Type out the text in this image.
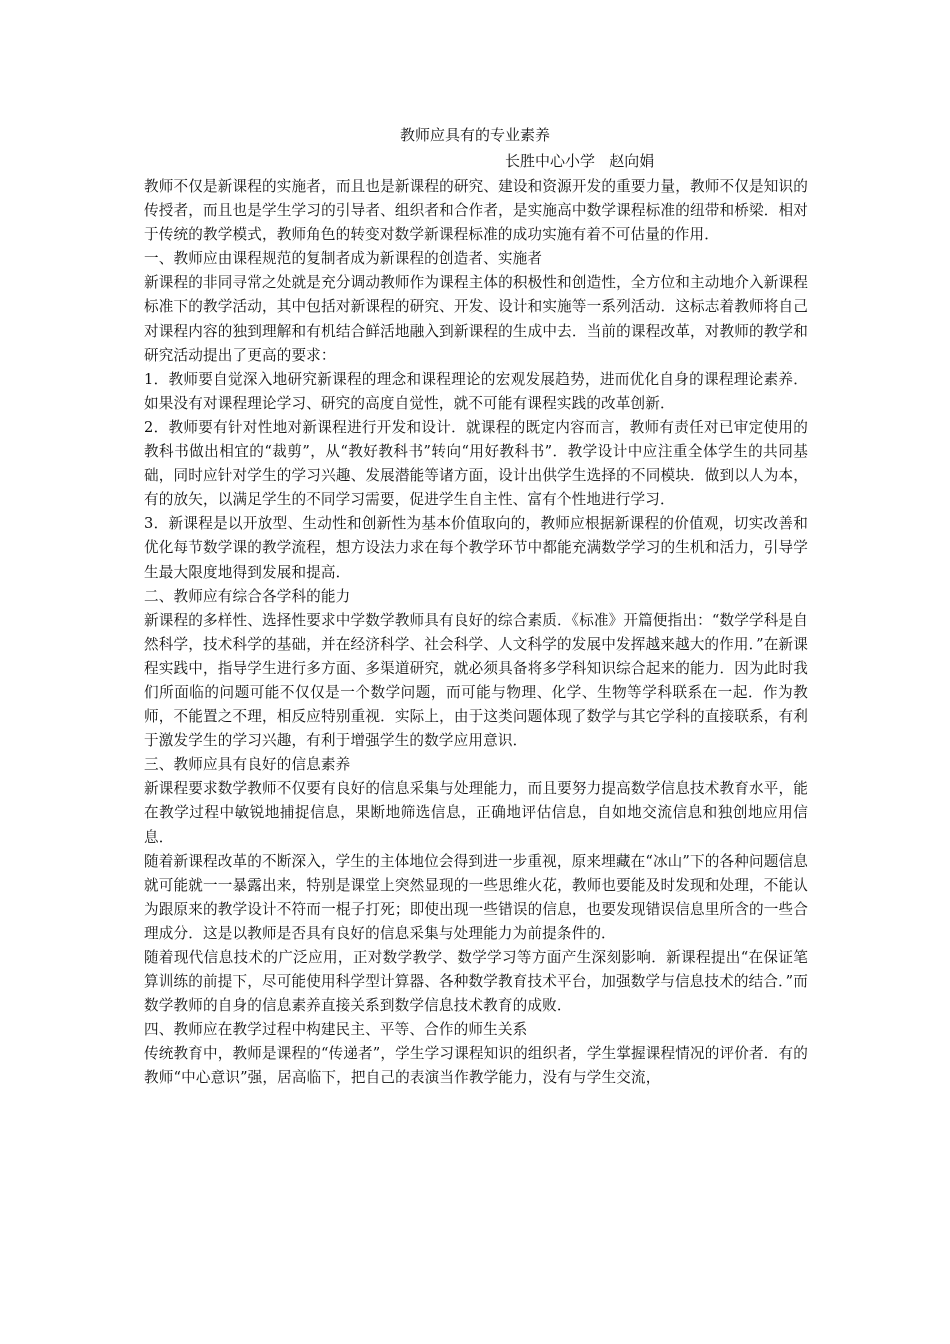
教师应具有的专业素养
长胜中心小学   赵向娟

教师不仅是新课程的实施者，而且也是新课程的研究、建设和资源开发的重要力量，教师不仅是知识的传授者，而且也是学生学习的引导者、组织者和合作者，是实施高中数学课程标准的纽带和桥梁．相对于传统的教学模式，教师角色的转变对数学新课程标准的成功实施有着不可估量的作用．

一、教师应由课程规范的复制者成为新课程的创造者、实施者

新课程的非同寻常之处就是充分调动教师作为课程主体的积极性和创造性，全方位和主动地介入新课程标准下的教学活动，其中包括对新课程的研究、开发、设计和实施等一系列活动．这标志着教师将自己对课程内容的独到理解和有机结合鲜活地融入到新课程的生成中去．当前的课程改革，对教师的教学和研究活动提出了更高的要求：

1．教师要自觉深入地研究新课程的理念和课程理论的宏观发展趋势，进而优化自身的课程理论素养．如果没有对课程理论学习、研究的高度自觉性，就不可能有课程实践的改革创新．

2．教师要有针对性地对新课程进行开发和设计．就课程的既定内容而言，教师有责任对已审定使用的教科书做出相宜的“裁剪”，从“教好教科书”转向“用好教科书”．教学设计中应注重全体学生的共同基础，同时应针对学生的学习兴趣、发展潜能等诸方面，设计出供学生选择的不同模块．做到以人为本，有的放矢，以满足学生的不同学习需要，促进学生自主性、富有个性地进行学习．

3．新课程是以开放型、生动性和创新性为基本价值取向的，教师应根据新课程的价值观，切实改善和优化每节数学课的教学流程，想方设法力求在每个教学环节中都能充满数学学习的生机和活力，引导学生最大限度地得到发展和提高．

二、教师应有综合各学科的能力

新课程的多样性、选择性要求中学数学教师具有良好的综合素质．《标准》开篇便指出：“数学学科是自然科学，技术科学的基础，并在经济科学、社会科学、人文科学的发展中发挥越来越大的作用．”在新课程实践中，指导学生进行多方面、多渠道研究，就必须具备将多学科知识综合起来的能力．因为此时我们所面临的问题可能不仅仅是一个数学问题，而可能与物理、化学、生物等学科联系在一起．作为教师，不能置之不理，相反应特别重视．实际上，由于这类问题体现了数学与其它学科的直接联系，有利于激发学生的学习兴趣，有利于增强学生的数学应用意识．

三、教师应具有良好的信息素养

新课程要求数学教师不仅要有良好的信息采集与处理能力，而且要努力提高数学信息技术教育水平，能在教学过程中敏锐地捕捉信息，果断地筛选信息，正确地评估信息，自如地交流信息和独创地应用信息．

随着新课程改革的不断深入，学生的主体地位会得到进一步重视，原来埋藏在“冰山”下的各种问题信息就可能就一一暴露出来，特别是课堂上突然显现的一些思维火花，教师也要能及时发现和处理，不能认为跟原来的教学设计不符而一棍子打死；即使出现一些错误的信息，也要发现错误信息里所含的一些合理成分．这是以教师是否具有良好的信息采集与处理能力为前提条件的．

随着现代信息技术的广泛应用，正对数学教学、数学学习等方面产生深刻影响．新课程提出“在保证笔算训练的前提下，尽可能使用科学型计算器、各种数学教育技术平台，加强数学与信息技术的结合．”而数学教师的自身的信息素养直接关系到数学信息技术教育的成败．

四、教师应在教学过程中构建民主、平等、合作的师生关系

传统教育中，教师是课程的“传递者”，学生学习课程知识的组织者，学生掌握课程情况的评价者．有的教师“中心意识”强，居高临下，把自己的表演当作教学能力，没有与学生交流，
